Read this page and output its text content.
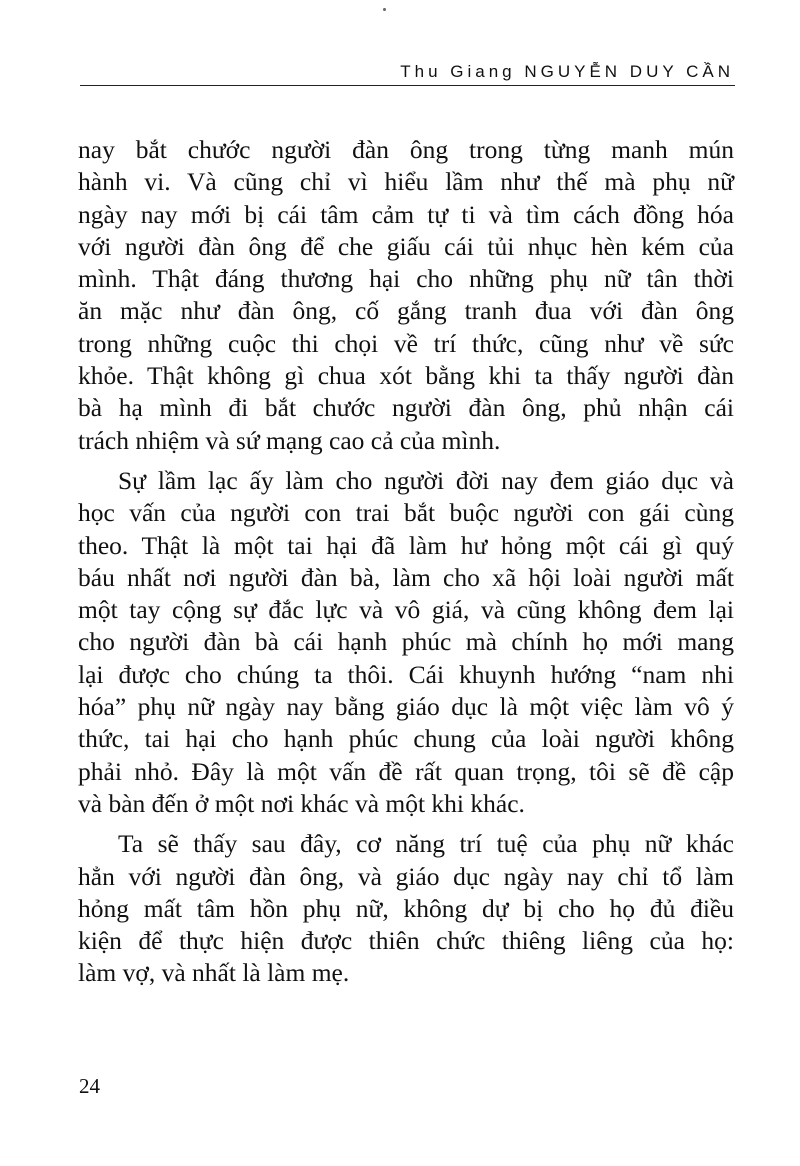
Thu Giang NGUYỄN DUY CẦN

nay bắt chước người đàn ông trong từng manh mún
hành vi. Và cũng chỉ vì hiểu lầm như thế mà phụ nữ
ngày nay mới bị cái tâm cảm tự ti và tìm cách đồng hóa
với người đàn ông để che giấu cái tủi nhục hèn kém của
mình. Thật đáng thương hại cho những phụ nữ tân thời
ăn mặc như đàn ông, cố gắng tranh đua với đàn ông
trong những cuộc thi chọi về trí thức, cũng như về sức
khỏe. Thật không gì chua xót bằng khi ta thấy người đàn
bà hạ mình đi bắt chước người đàn ông, phủ nhận cái
trách nhiệm và sứ mạng cao cả của mình.

Sự lầm lạc ấy làm cho người đời nay đem giáo dục và
học vấn của người con trai bắt buộc người con gái cùng
theo. Thật là một tai hại đã làm hư hỏng một cái gì quý
báu nhất nơi người đàn bà, làm cho xã hội loài người mất
một tay cộng sự đắc lực và vô giá, và cũng không đem lại
cho người đàn bà cái hạnh phúc mà chính họ mới mang
lại được cho chúng ta thôi. Cái khuynh hướng “nam nhi
hóa” phụ nữ ngày nay bằng giáo dục là một việc làm vô ý
thức, tai hại cho hạnh phúc chung của loài người không
phải nhỏ. Đây là một vấn đề rất quan trọng, tôi sẽ đề cập
và bàn đến ở một nơi khác và một khi khác.

Ta sẽ thấy sau đây, cơ năng trí tuệ của phụ nữ khác
hẳn với người đàn ông, và giáo dục ngày nay chỉ tổ làm
hỏng mất tâm hồn phụ nữ, không dự bị cho họ đủ điều
kiện để thực hiện được thiên chức thiêng liêng của họ:
làm vợ, và nhất là làm mẹ.

24
